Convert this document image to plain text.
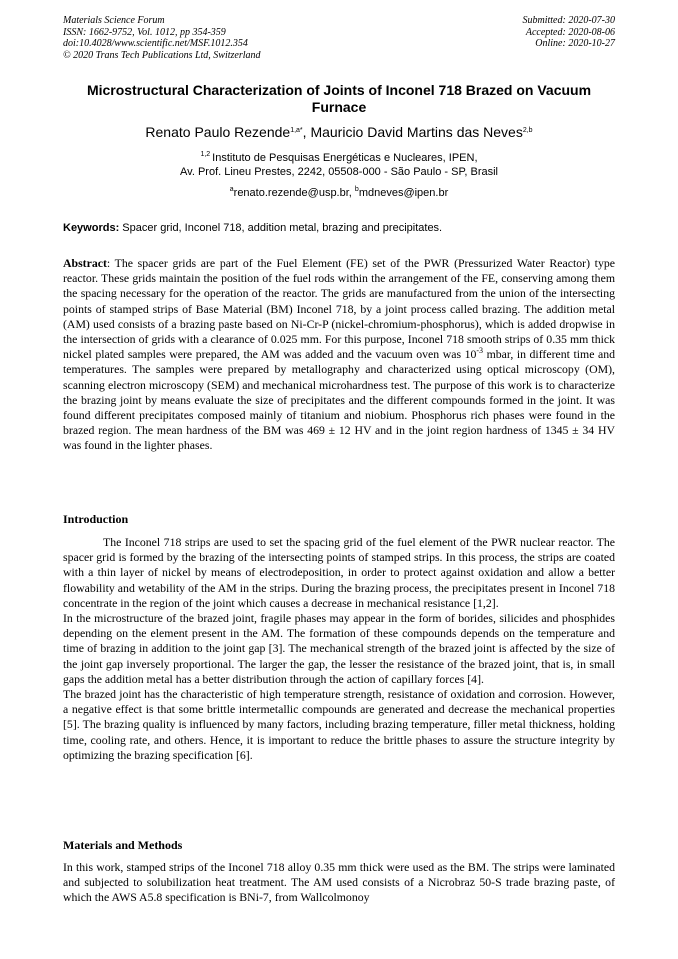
Materials Science Forum
ISSN: 1662-9752, Vol. 1012, pp 354-359
doi:10.4028/www.scientific.net/MSF.1012.354
© 2020 Trans Tech Publications Ltd, Switzerland
Submitted: 2020-07-30
Accepted: 2020-08-06
Online: 2020-10-27
Microstructural Characterization of Joints of Inconel 718 Brazed on Vacuum Furnace
Renato Paulo Rezende$^{1,a*}$, Mauricio David Martins das Neves$^{2,b}$
$^{1,2}$ Instituto de Pesquisas Energéticas e Nucleares, IPEN,
Av. Prof. Lineu Prestes, 2242, 05508-000 - São Paulo - SP, Brasil
$^a$renato.rezende@usp.br, $^b$mdneves@ipen.br
Keywords: Spacer grid, Inconel 718, addition metal, brazing and precipitates.
Abstract: The spacer grids are part of the Fuel Element (FE) set of the PWR (Pressurized Water Reactor) type reactor. These grids maintain the position of the fuel rods within the arrangement of the FE, conserving among them the spacing necessary for the operation of the reactor. The grids are manufactured from the union of the intersecting points of stamped strips of Base Material (BM) Inconel 718, by a joint process called brazing. The addition metal (AM) used consists of a brazing paste based on Ni-Cr-P (nickel-chromium-phosphorus), which is added dropwise in the intersection of grids with a clearance of 0.025 mm. For this purpose, Inconel 718 smooth strips of 0.35 mm thick nickel plated samples were prepared, the AM was added and the vacuum oven was $10^{-3}$ mbar, in different time and temperatures. The samples were prepared by metallography and characterized using optical microscopy (OM), scanning electron microscopy (SEM) and mechanical microhardness test. The purpose of this work is to characterize the brazing joint by means evaluate the size of precipitates and the different compounds formed in the joint. It was found different precipitates composed mainly of titanium and niobium. Phosphorus rich phases were found in the brazed region. The mean hardness of the BM was 469 ± 12 HV and in the joint region hardness of 1345 ± 34 HV was found in the lighter phases.
Introduction

The Inconel 718 strips are used to set the spacing grid of the fuel element of the PWR nuclear reactor. The spacer grid is formed by the brazing of the intersecting points of stamped strips. In this process, the strips are coated with a thin layer of nickel by means of electrodeposition, in order to protect against oxidation and allow a better flowability and wetability of the AM in the strips. During the brazing process, the precipitates present in Inconel 718 concentrate in the region of the joint which causes a decrease in mechanical resistance [1,2].

In the microstructure of the brazed joint, fragile phases may appear in the form of borides, silicides and phosphides depending on the element present in the AM. The formation of these compounds depends on the temperature and time of brazing in addition to the joint gap [3]. The mechanical strength of the brazed joint is affected by the size of the joint gap inversely proportional. The larger the gap, the lesser the resistance of the brazed joint, that is, in small gaps the addition metal has a better distribution through the action of capillary forces [4].

The brazed joint has the characteristic of high temperature strength, resistance of oxidation and corrosion. However, a negative effect is that some brittle intermetallic compounds are generated and decrease the mechanical properties [5]. The brazing quality is influenced by many factors, including brazing temperature, filler metal thickness, holding time, cooling rate, and others. Hence, it is important to reduce the brittle phases to assure the structure integrity by optimizing the brazing specification [6].

Materials and Methods

In this work, stamped strips of the Inconel 718 alloy 0.35 mm thick were used as the BM. The strips were laminated and subjected to solubilization heat treatment. The AM used consists of a Nicrobraz 50-S trade brazing paste, of which the AWS A5.8 specification is BNi-7, from Wallcolmonoy
